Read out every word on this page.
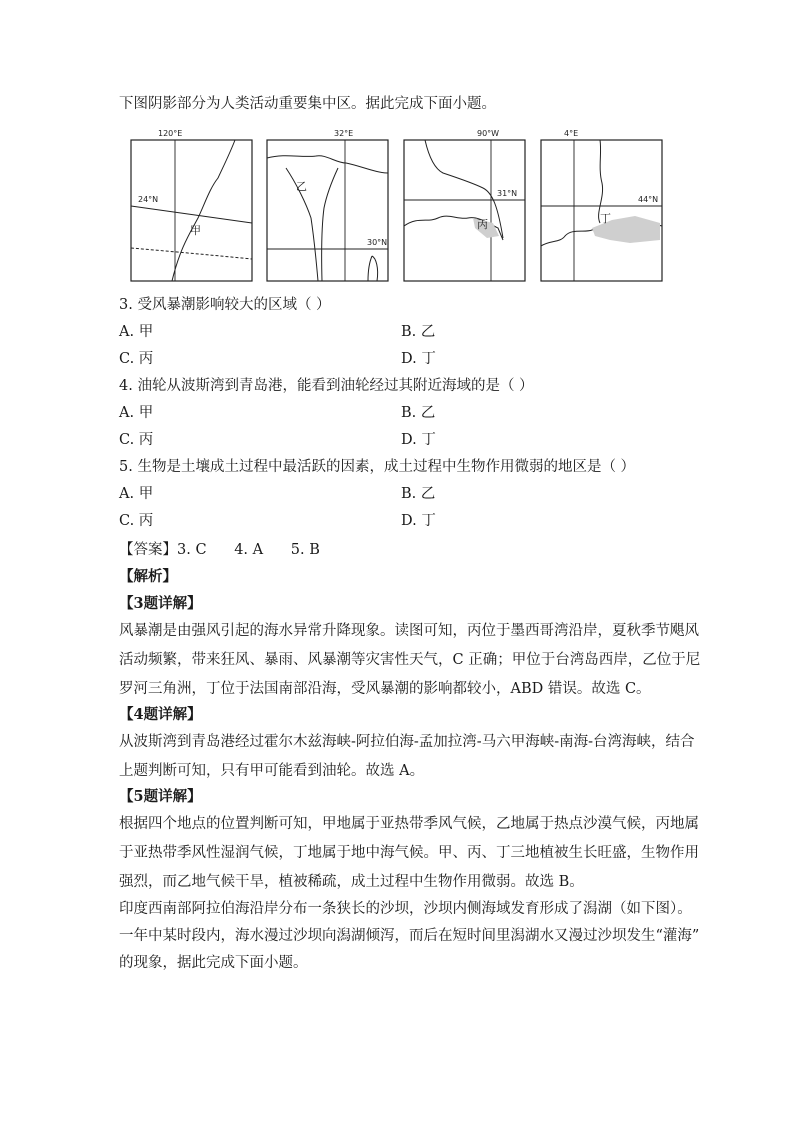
下图阴影部分为人类活动重要集中区。据此完成下面小题。
120°E
24°N
甲
32°E
30°N
乙
90°W
31°N
丙
4°E
44°N
丁
3. 受风暴潮影响较大的区域（ ）
A. 甲	B. 乙
C. 丙	D. 丁
4. 油轮从波斯湾到青岛港，能看到油轮经过其附近海域的是（ ）
A. 甲	B. 乙
C. 丙	D. 丁
5. 生物是土壤成土过程中最活跃的因素，成土过程中生物作用微弱的地区是（ ）
A. 甲	B. 乙
C. 丙	D. 丁
【答案】3. C      4. A      5. B
【解析】
【3题详解】
风暴潮是由强风引起的海水异常升降现象。读图可知，丙位于墨西哥湾沿岸，夏秋季节飓风
活动频繁，带来狂风、暴雨、风暴潮等灾害性天气，C 正确；甲位于台湾岛西岸，乙位于尼
罗河三角洲，丁位于法国南部沿海，受风暴潮的影响都较小，ABD 错误。故选 C。
【4题详解】
从波斯湾到青岛港经过霍尔木兹海峡-阿拉伯海-孟加拉湾-马六甲海峡-南海-台湾海峡，结合
上题判断可知，只有甲可能看到油轮。故选 A。
【5题详解】
根据四个地点的位置判断可知，甲地属于亚热带季风气候，乙地属于热点沙漠气候，丙地属
于亚热带季风性湿润气候，丁地属于地中海气候。甲、丙、丁三地植被生长旺盛，生物作用
强烈，而乙地气候干旱，植被稀疏，成土过程中生物作用微弱。故选 B。
印度西南部阿拉伯海沿岸分布一条狭长的沙坝，沙坝内侧海域发育形成了潟湖（如下图）。
一年中某时段内，海水漫过沙坝向潟湖倾泻，而后在短时间里潟湖水又漫过沙坝发生“灌海”
的现象，据此完成下面小题。
